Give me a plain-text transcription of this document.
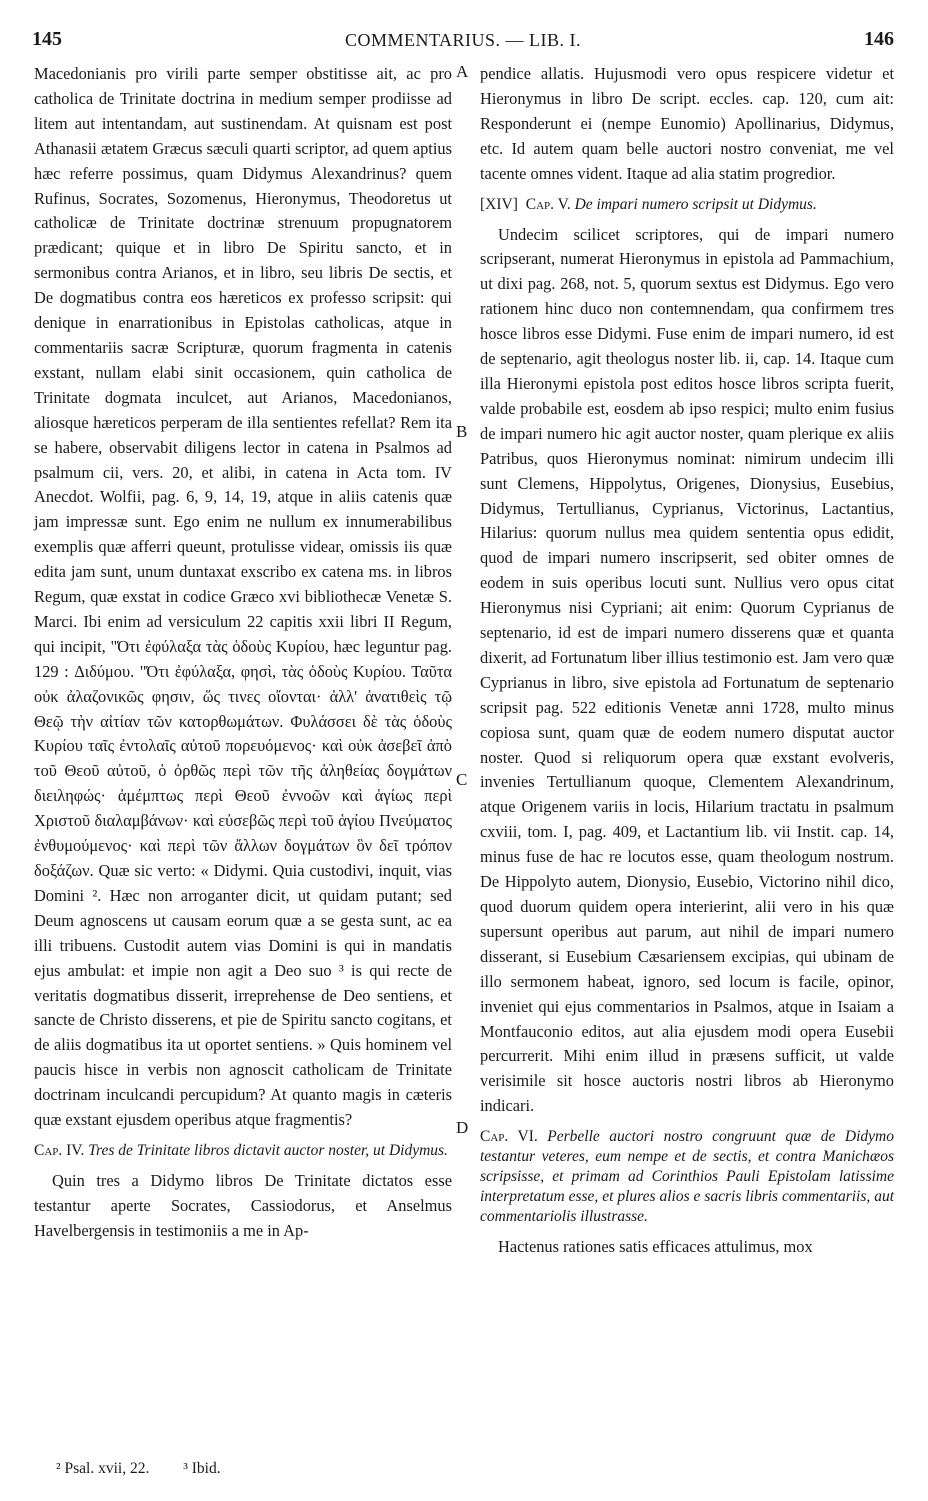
145	COMMENTARIUS. — LIB. I.	146

Macedonianis pro virili parte semper obstitisse ait, ac pro catholica de Trinitate doctrina in medium semper prodiisse ad litem aut intentandam, aut sustinendam. At quisnam est post Athanasii ætatem Græcus sæculi quarti scriptor, ad quem aptius hæc referre possimus, quam Didymus Alexandrinus? quem Rufinus, Socrates, Sozomenus, Hieronymus, Theodoretus ut catholicæ de Trinitate doctrinæ strenuum propugnatorem prædicant; quique et in libro De Spiritu sancto, et in sermonibus contra Arianos, et in libro, seu libris De sectis, et De dogmatibus contra eos hæreticos ex professo scripsit: qui denique in enarrationibus in Epistolas catholicas, atque in commentariis sacræ Scripturæ, quorum fragmenta in catenis exstant, nullam elabi sinit occasionem, quin catholica de Trinitate dogmata inculcet, aut Arianos, Macedonianos, aliosque hæreticos perperam de illa sentientes refellat? Rem ita se habere, observabit diligens lector in catena in Psalmos ad psalmum cii, vers. 20, et alibi, in catena in Acta tom. IV Anecdot. Wolfii, pag. 6, 9, 14, 19, atque in aliis catenis quæ jam impressæ sunt. Ego enim ne nullum ex innumerabilibus exemplis quæ afferri queunt, protulisse videar, omissis iis quæ edita jam sunt, unum duntaxat exscribo ex catena ms. in libros Regum, quæ exstat in codice Græco xvi bibliothecæ Venetæ S. Marci. Ibi enim ad versiculum 22 capitis xxii libri II Regum, qui incipit, "Ότι ἐφύλαξα τὰς ὁδοὺς Κυρίου, hæc leguntur pag. 129 : Διδύμου. "Ότι ἐφύλαξα, φησὶ, τὰς ὁδοὺς Κυρίου. Ταῦτα οὐκ ἀλαζονικῶς φησιν, ὥς τινες οἴονται· ἀλλ' ἀνατιθεὶς τῷ Θεῷ τὴν αἰτίαν τῶν κατορθωμάτων. Φυλάσσει δὲ τὰς ὁδοὺς Κυρίου ταῖς ἐντολαῖς αὐτοῦ πορευόμενος· καὶ οὐκ ἀσεβεῖ ἀπὸ τοῦ Θεοῦ αὐτοῦ, ὁ ὀρθῶς περὶ τῶν τῆς ἀληθείας δογμάτων διειληφώς· ἀμέμπτως περὶ Θεοῦ ἐννοῶν καὶ ἁγίως περὶ Χριστοῦ διαλαμβάνων· καὶ εὐσεβῶς περὶ τοῦ ἁγίου Πνεύματος ἐνθυμούμενος· καὶ περὶ τῶν ἄλλων δογμάτων ὃν δεῖ τρόπον δοξάζων. Quæ sic verto: « Didymi. Quia custodivi, inquit, vias Domini ². Hæc non arroganter dicit, ut quidam putant; sed Deum agnoscens ut causam eorum quæ a se gesta sunt, ac ea illi tribuens. Custodit autem vias Domini is qui in mandatis ejus ambulat: et impie non agit a Deo suo ³ is qui recte de veritatis dogmatibus disserit, irreprehense de Deo sentiens, et sancte de Christo disserens, et pie de Spiritu sancto cogitans, et de aliis dogmatibus ita ut oportet sentiens. » Quis hominem vel paucis hisce in verbis non agnoscit catholicam de Trinitate doctrinam inculcandi percupidum? At quanto magis in cæteris quæ exstant ejusdem operibus atque fragmentis?

Cap. IV. Tres de Trinitate libros dictavit auctor noster, ut Didymus.

Quin tres a Didymo libros De Trinitate dictatos esse testantur aperte Socrates, Cassiodorus, et Anselmus Havelbergensis in testimoniis a me in Ap-

A
B
C
D

pendice allatis. Hujusmodi vero opus respicere videtur et Hieronymus in libro De script. eccles. cap. 120, cum ait: Responderunt ei (nempe Eunomio) Apollinarius, Didymus, etc. Id autem quam belle auctori nostro conveniat, me vel tacente omnes vident. Itaque ad alia statim progredior.

[XIV] Cap. V. De impari numero scripsit ut Didymus.

Undecim scilicet scriptores, qui de impari numero scripserant, numerat Hieronymus in epistola ad Pammachium, ut dixi pag. 268, not. 5, quorum sextus est Didymus. Ego vero rationem hinc duco non contemnendam, qua confirmem tres hosce libros esse Didymi. Fuse enim de impari numero, id est de septenario, agit theologus noster lib. ii, cap. 14. Itaque cum illa Hieronymi epistola post editos hosce libros scripta fuerit, valde probabile est, eosdem ab ipso respici; multo enim fusius de impari numero hic agit auctor noster, quam plerique ex aliis Patribus, quos Hieronymus nominat: nimirum undecim illi sunt Clemens, Hippolytus, Origenes, Dionysius, Eusebius, Didymus, Tertullianus, Cyprianus, Victorinus, Lactantius, Hilarius: quorum nullus mea quidem sententia opus edidit, quod de impari numero inscripserit, sed obiter omnes de eodem in suis operibus locuti sunt. Nullius vero opus citat Hieronymus nisi Cypriani; ait enim: Quorum Cyprianus de septenario, id est de impari numero disserens quæ et quanta dixerit, ad Fortunatum liber illius testimonio est. Jam vero quæ Cyprianus in libro, sive epistola ad Fortunatum de septenario scripsit pag. 522 editionis Venetæ anni 1728, multo minus copiosa sunt, quam quæ de eodem numero disputat auctor noster. Quod si reliquorum opera quæ exstant evolveris, invenies Tertullianum quoque, Clementem Alexandrinum, atque Origenem variis in locis, Hilarium tractatu in psalmum cxviii, tom. I, pag. 409, et Lactantium lib. vii Instit. cap. 14, minus fuse de hac re locutos esse, quam theologum nostrum. De Hippolyto autem, Dionysio, Eusebio, Victorino nihil dico, quod duorum quidem opera interierint, alii vero in his quæ supersunt operibus aut parum, aut nihil de impari numero disserant, si Eusebium Cæsariensem excipias, qui ubinam de illo sermonem habeat, ignoro, sed locum is facile, opinor, inveniet qui ejus commentarios in Psalmos, atque in Isaiam a Montfauconio editos, aut alia ejusdem modi opera Eusebii percurrerit. Mihi enim illud in præsens sufficit, ut valde verisimile sit hosce auctoris nostri libros ab Hieronymo indicari.

Cap. VI. Perbelle auctori nostro congruunt quæ de Didymo testantur veteres, eum nempe et de sectis, et contra Manichæos scripsisse, et primam ad Corinthios Pauli Epistolam latissime interpretatum esse, et plures alios e sacris libris commentariis, aut commentariolis illustrasse.

Hactenus rationes satis efficaces attulimus, mox

² Psal. xvii, 22. ³ Ibid.
